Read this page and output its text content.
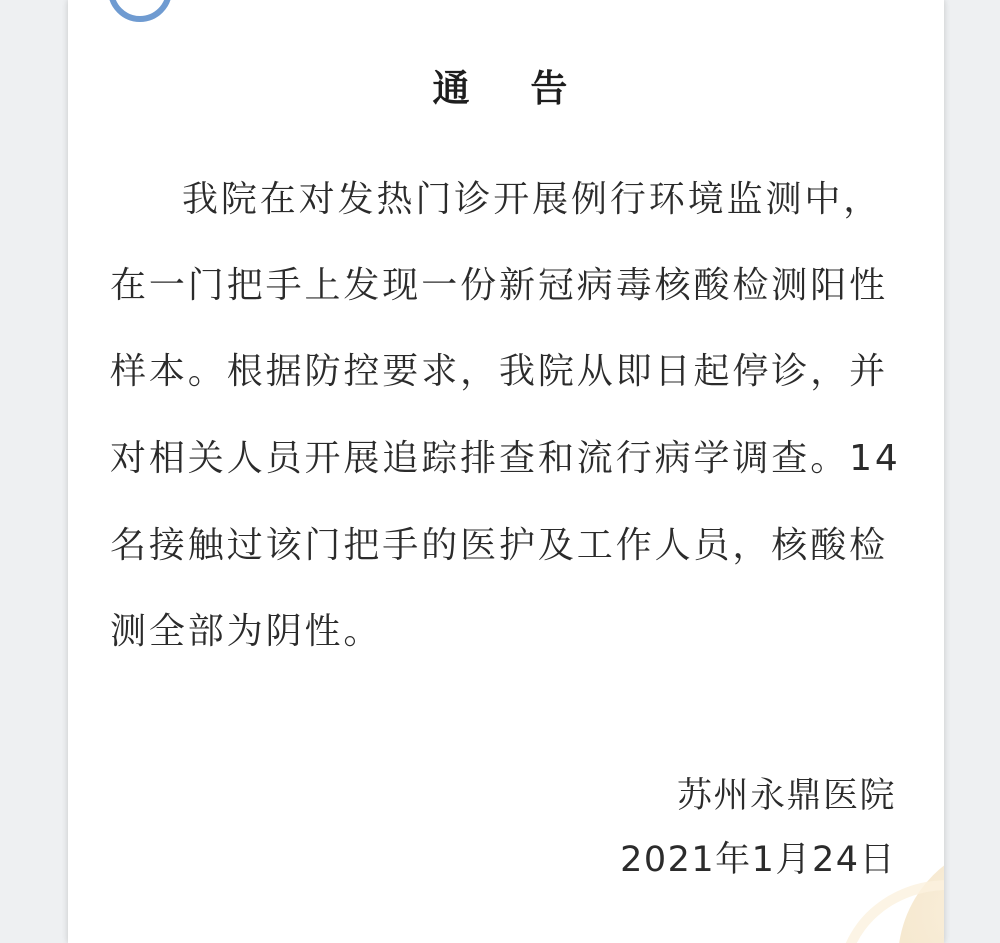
通 告
我院在对发热门诊开展例行环境监测中，
在一门把手上发现一份新冠病毒核酸检测阳性
样本。根据防控要求，我院从即日起停诊，并
对相关人员开展追踪排查和流行病学调查。14
名接触过该门把手的医护及工作人员，核酸检
测全部为阴性。
苏州永鼎医院
2021年1月24日
